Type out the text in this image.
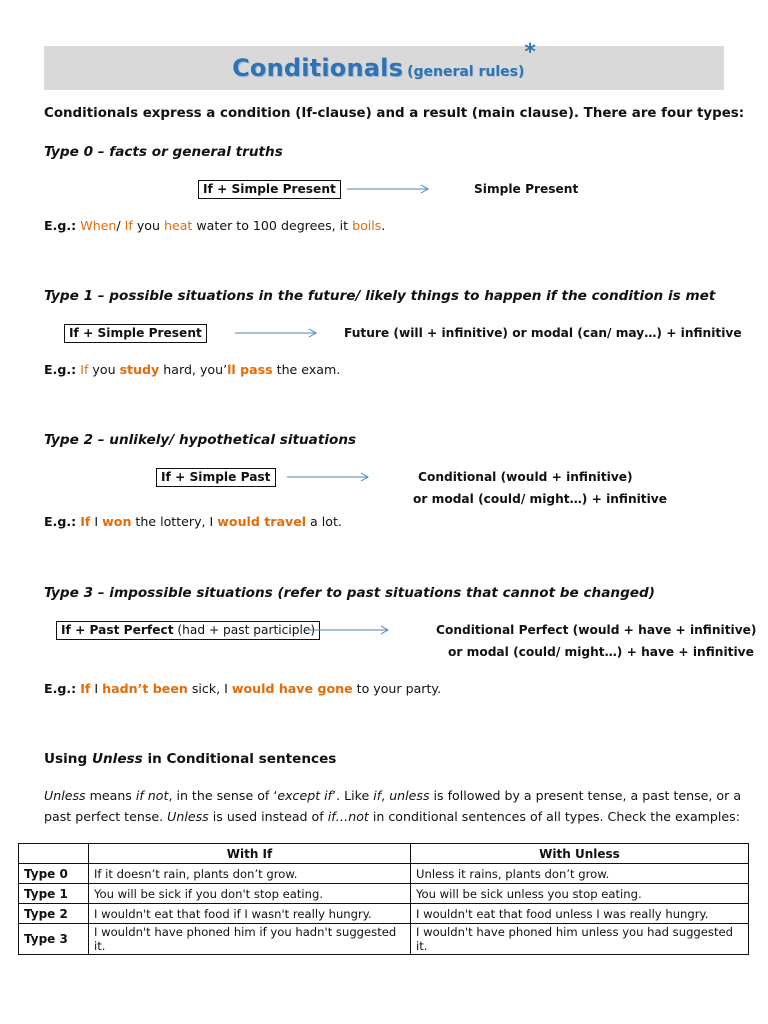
Conditionals (general rules)*
Conditionals express a condition (If-clause) and a result (main clause). There are four types:
Type 0 – facts or general truths
If + Simple Present	Simple Present
E.g.: When/ If you heat water to 100 degrees, it boils.
Type 1 – possible situations in the future/ likely things to happen if the condition is met
If + Simple Present	Future (will + infinitive) or modal (can/ may…) + infinitive
E.g.: If you study hard, you’ll pass the exam.
Type 2 – unlikely/ hypothetical situations
If + Simple Past	Conditional (would + infinitive)
or modal (could/ might…) + infinitive
E.g.: If I won the lottery, I would travel a lot.
Type 3 – impossible situations (refer to past situations that cannot be changed)
If + Past Perfect (had + past participle)	Conditional Perfect (would + have + infinitive)
or modal (could/ might…) + have + infinitive
E.g.: If I hadn’t been sick, I would have gone to your party.
Using Unless in Conditional sentences
Unless means if not, in the sense of ‘except if’. Like if, unless is followed by a present tense, a past tense, or a
past perfect tense. Unless is used instead of if…not in conditional sentences of all types. Check the examples:
	With If	With Unless
Type 0	If it doesn’t rain, plants don’t grow.	Unless it rains, plants don’t grow.
Type 1	You will be sick if you don't stop eating.	You will be sick unless you stop eating.
Type 2	I wouldn't eat that food if I wasn't really hungry.	I wouldn't eat that food unless I was really hungry.
Type 3	I wouldn't have phoned him if you hadn't suggested it.	I wouldn't have phoned him unless you had suggested it.
